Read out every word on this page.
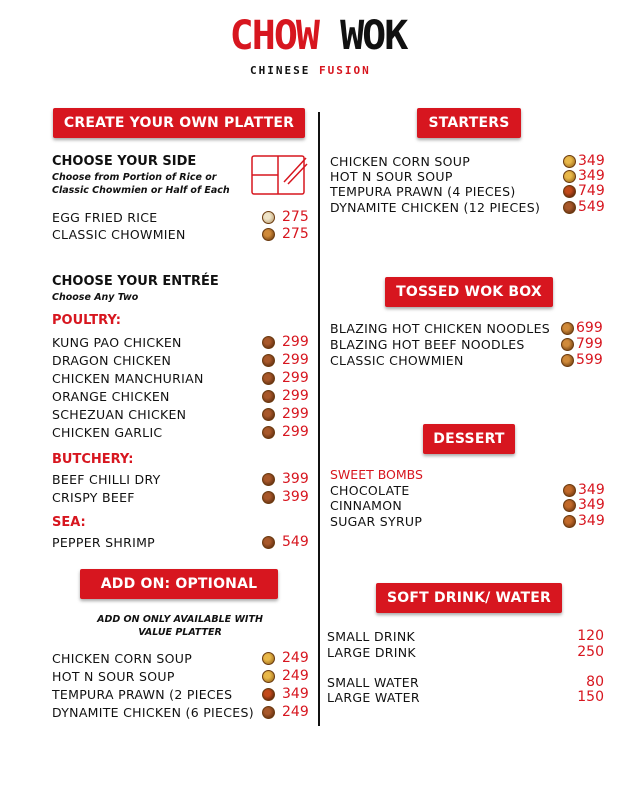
CHOW WOK
CHINESE FUSION
CREATE YOUR OWN PLATTER
CHOOSE YOUR SIDE
Choose from Portion of Rice or
Classic Chowmien or Half of Each
EGG FRIED RICE	275
CLASSIC CHOWMIEN	275
CHOOSE YOUR ENTRÉE
Choose Any Two
POULTRY:
KUNG PAO CHICKEN	299
DRAGON CHICKEN	299
CHICKEN MANCHURIAN	299
ORANGE CHICKEN	299
SCHEZUAN CHICKEN	299
CHICKEN GARLIC	299
BUTCHERY:
BEEF CHILLI DRY	399
CRISPY BEEF	399
SEA:
PEPPER SHRIMP	549
ADD ON: OPTIONAL
ADD ON ONLY AVAILABLE WITH
VALUE PLATTER
CHICKEN CORN SOUP	249
HOT N SOUR SOUP	249
TEMPURA PRAWN (2 PIECES	349
DYNAMITE CHICKEN (6 PIECES) 249
STARTERS
CHICKEN CORN SOUP	349
HOT N SOUR SOUP	349
TEMPURA PRAWN (4 PIECES)	749
DYNAMITE CHICKEN (12 PIECES)	549
TOSSED WOK BOX
BLAZING HOT CHICKEN NOODLES 699
BLAZING HOT BEEF NOODLES	799
CLASSIC CHOWMIEN	599
DESSERT
SWEET BOMBS
CHOCOLATE	349
CINNAMON	349
SUGAR SYRUP	349
SOFT DRINK/ WATER
SMALL DRINK	120
LARGE DRINK	250
SMALL WATER	80
LARGE WATER	150
